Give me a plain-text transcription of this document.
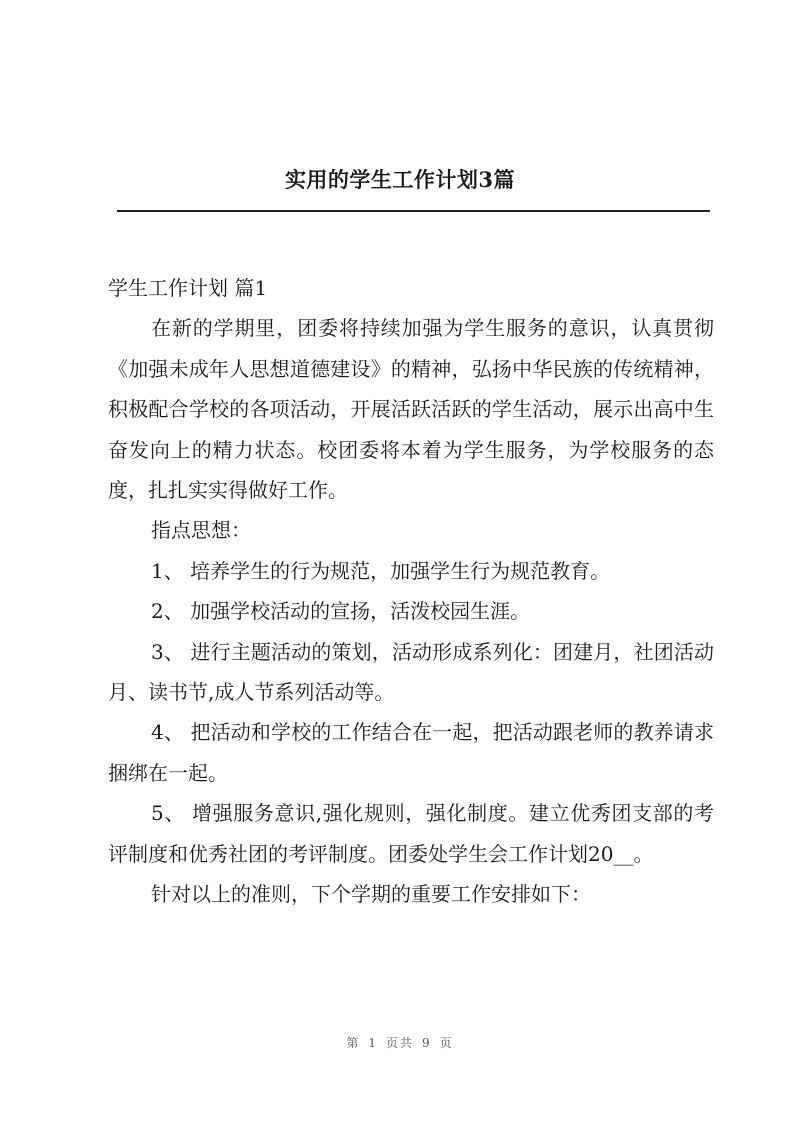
实用的学生工作计划3篇

学生工作计划 篇1

在新的学期里，团委将持续加强为学生服务的意识，认真贯彻《加强未成年人思想道德建设》的精神，弘扬中华民族的传统精神，积极配合学校的各项活动，开展活跃活跃的学生活动，展示出高中生奋发向上的精力状态。校团委将本着为学生服务，为学校服务的态度，扎扎实实得做好工作。

指点思想：

1、 培养学生的行为规范，加强学生行为规范教育。

2、 加强学校活动的宣扬，活泼校园生涯。

3、 进行主题活动的策划，活动形成系列化：团建月，社团活动月、读书节,成人节系列活动等。

4、 把活动和学校的工作结合在一起，把活动跟老师的教养请求捆绑在一起。

5、 增强服务意识,强化规则，强化制度。建立优秀团支部的考评制度和优秀社团的考评制度。团委处学生会工作计划20__。

针对以上的准则，下个学期的重要工作安排如下：

第 1 页共 9 页
